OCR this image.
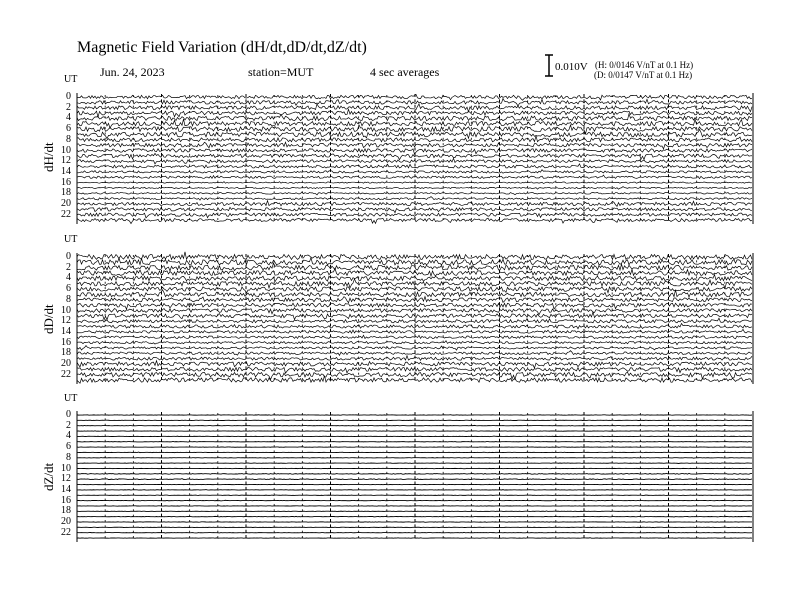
Magnetic Field Variation (dH/dt,dD/dt,dZ/dt)
Jun. 24, 2023	station=MUT	4 sec averages	0.010V (H: 0/0146 V/nT at 0.1 Hz)
(D: 0/0147 V/nT at 0.1 Hz)
UT
dH/dt
UT
dD/dt
UT
dZ/dt
0
2
4
6
8
10
12
14
16
18
20
22
0
2
4
6
8
10
12
14
16
18
20
22
0
2
4
6
8
10
12
14
16
18
20
22
